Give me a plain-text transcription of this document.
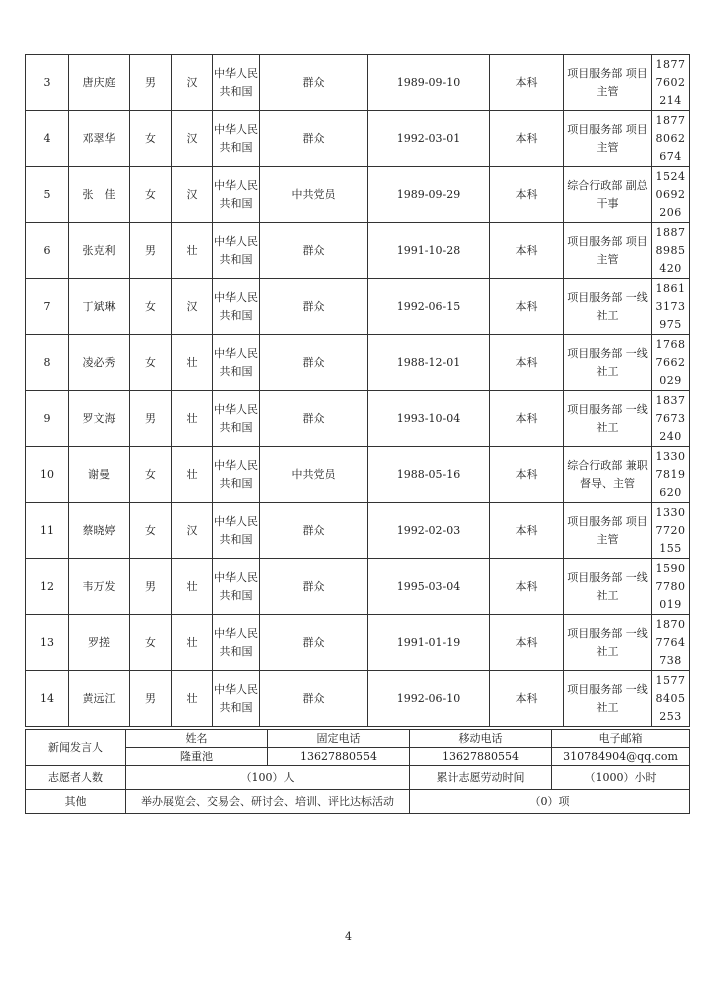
3	唐庆庭	男	汉	中华人民共和国	群众	1989-09-10	本科	项目服务部 项目主管	18777602214
4	邓翠华	女	汉	中华人民共和国	群众	1992-03-01	本科	项目服务部 项目主管	18778062674
5	张　佳	女	汉	中华人民共和国	中共党员	1989-09-29	本科	综合行政部 副总干事	15240692206
6	张克利	男	壮	中华人民共和国	群众	1991-10-28	本科	项目服务部 项目主管	18878985420
7	丁斌琳	女	汉	中华人民共和国	群众	1992-06-15	本科	项目服务部 一线社工	18613173975
8	凌必秀	女	壮	中华人民共和国	群众	1988-12-01	本科	项目服务部 一线社工	17687662029
9	罗文海	男	壮	中华人民共和国	群众	1993-10-04	本科	项目服务部 一线社工	18377673240
10	谢曼	女	壮	中华人民共和国	中共党员	1988-05-16	本科	综合行政部 兼职督导、主管	13307819620
11	蔡晓婷	女	汉	中华人民共和国	群众	1992-02-03	本科	项目服务部 项目主管	13307720155
12	韦万发	男	壮	中华人民共和国	群众	1995-03-04	本科	项目服务部 一线社工	15907780019
13	罗搓	女	壮	中华人民共和国	群众	1991-01-19	本科	项目服务部 一线社工	18707764738
14	黄远江	男	壮	中华人民共和国	群众	1992-06-10	本科	项目服务部 一线社工	15778405253
新闻发言人	姓名	固定电话	移动电话	电子邮箱
	隆重池	13627880554	13627880554	310784904@qq.com
志愿者人数	（100）人		累计志愿劳动时间	（1000）小时
其他	举办展览会、交易会、研讨会、培训、评比达标活动		（0）项	
4
